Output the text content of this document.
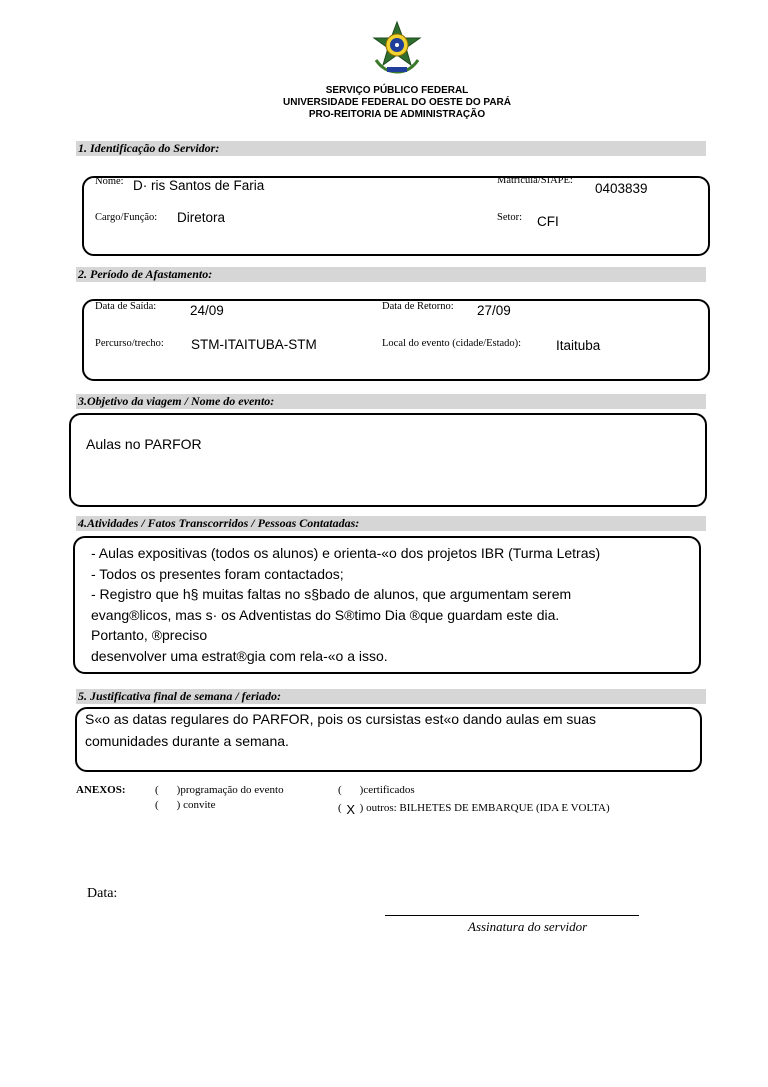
SERVIÇO PÚBLICO FEDERAL
UNIVERSIDADE FEDERAL DO OESTE DO PARÁ
PRO-REITORIA DE ADMINISTRAÇÃO
1. Identificação do Servidor:
Nome: D· ris Santos de Faria	Matrícula/SIAPE:
0403839
Cargo/Função: Diretora	Setor: CFI
2. Período de Afastamento:
Data de Saída:	24/09	Data de Retorno: 27/09
Percurso/trecho: STM-ITAITUBA-STM	Local do evento (cidade/Estado):	Itaituba
3.Objetivo da viagem / Nome do evento:
Aulas no PARFOR
4.Atividades / Fatos Transcorridos / Pessoas Contatadas:
- Aulas expositivas (todos os alunos) e orienta-«o dos projetos IBR (Turma Letras)
- Todos os presentes foram contactados;
- Registro que h§ muitas faltas no s§bado de alunos, que argumentam serem
evang®licos, mas s· os Adventistas do S®timo Dia ®que guardam este dia.
Portanto, ®preciso
desenvolver uma estrat®gia com rela-«o a isso.
5. Justificativa final de semana / feriado:
S«o as datas regulares do PARFOR, pois os cursistas est«o dando aulas em suas
comunidades durante a semana.
ANEXOS:	( )programação do evento
( ) convite
( )certificados
( X ) outros: BILHETES DE EMBARQUE (IDA E VOLTA)
Data:
Assinatura do servidor
